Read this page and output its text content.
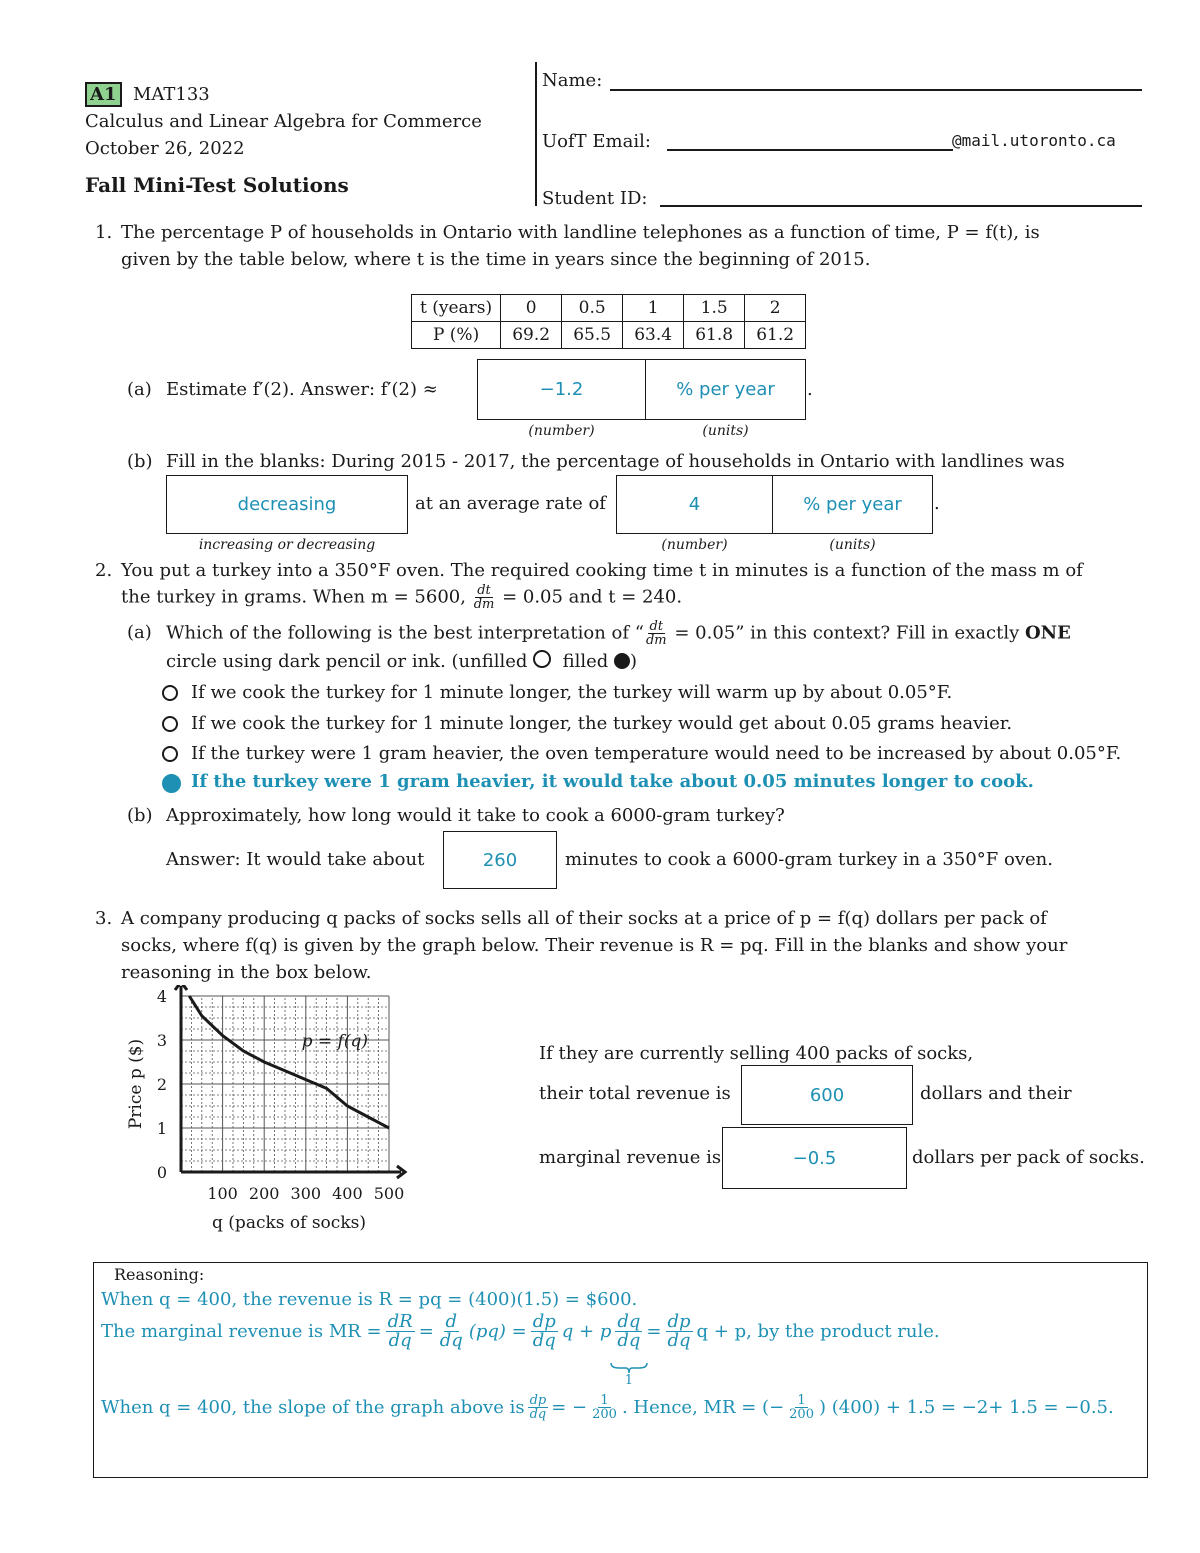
A1 MAT133
Calculus and Linear Algebra for Commerce
October 26, 2022
Fall Mini-Test Solutions
Name:
UofT Email:	@mail.utoronto.ca
Student ID:
1. The percentage P of households in Ontario with landline telephones as a function of time, P = f(t), is
given by the table below, where t is the time in years since the beginning of 2015.
t (years)	0	0.5	1	1.5	2
P (%)	69.2	65.5	63.4	61.8	61.2
(a) Estimate f′(2). Answer: f′(2) ≈	−1.2	% per year	.
(number)	(units)
(b) Fill in the blanks: During 2015 - 2017, the percentage of households in Ontario with landlines was
decreasing	at an average rate of	4	% per year	.
increasing or decreasing	(number)	(units)
2. You put a turkey into a 350°F oven. The required cooking time t in minutes is a function of the mass m of
the turkey in grams. When m = 5600, $\frac{dt}{dm} = 0.05$ and t = 240.
(a) Which of the following is the best interpretation of “ $\frac{dt}{dm} = 0.05$” in this context? Fill in exactly ONE
circle using dark pencil or ink. (unfilled filled )
If we cook the turkey for 1 minute longer, the turkey will warm up by about 0.05°F.
If we cook the turkey for 1 minute longer, the turkey would get about 0.05 grams heavier.
If the turkey were 1 gram heavier, the oven temperature would need to be increased by about 0.05°F.
If the turkey were 1 gram heavier, it would take about 0.05 minutes longer to cook.
(b) Approximately, how long would it take to cook a 6000-gram turkey?
Answer: It would take about	260	minutes to cook a 6000-gram turkey in a 350°F oven.
3. A company producing q packs of socks sells all of their socks at a price of p = f(q) dollars per pack of
socks, where f(q) is given by the graph below. Their revenue is R = pq. Fill in the blanks and show your
reasoning in the box below.
100 200 300 400 500
0
1
2
3
4
p = f(q)
q (packs of socks)
Price p ($)	If they are currently selling 400 packs of socks,
their total revenue is	600	dollars and their
marginal revenue is	−0.5	dollars per pack of socks.
Reasoning:
When q = 400, the revenue is R = pq = (400)(1.5) = $600.
The marginal revenue is MR = $\frac{dR}{dq} = \frac{d}{dq} (pq) = \frac{dp}{dq}$ q + p $\frac{dq}{dq}$
1
= $\frac{dp}{dq}$ q + p, by the product rule.
When q = 400, the slope of the graph above is $\frac{dp}{dq}$ = − $\frac{1}{200}$ . Hence, MR = (− $\frac{1}{200}$ ) (400) + 1.5 = −2+ 1.5 = −0.5.
